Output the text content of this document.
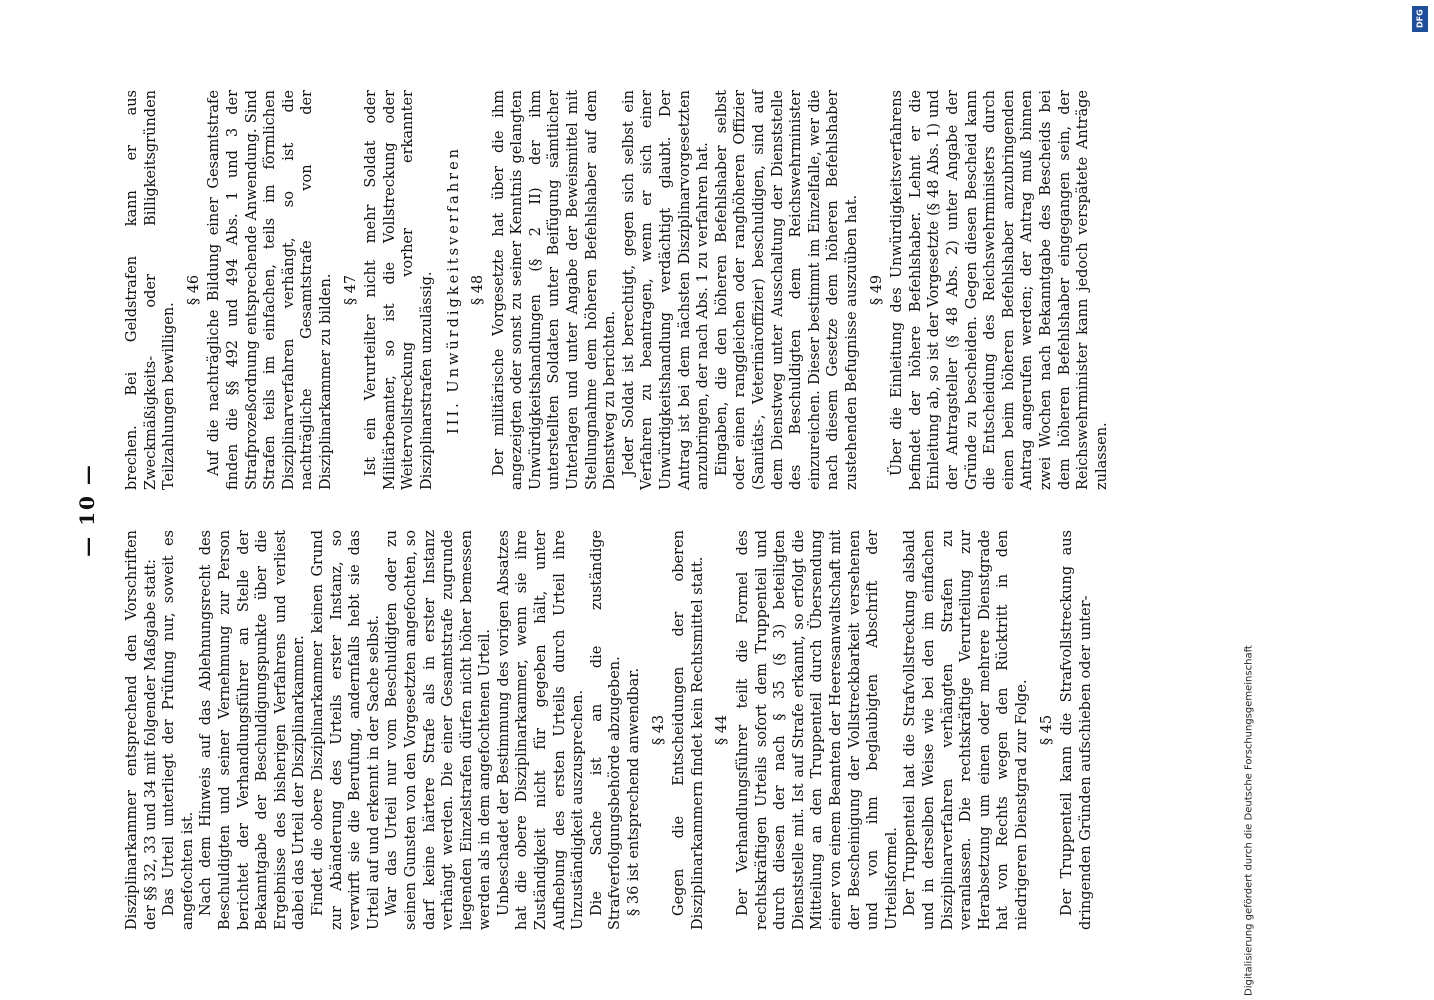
— 10 —

Disziplinarkammer entsprechend den Vorschriften der §§ 32, 33 und 34 mit folgender Maßgabe statt: Das Urteil unterliegt der Prüfung nur, soweit es angefochten ist. Nach dem Hinweis auf das Ablehnungsrecht des Beschuldigten und seiner Vernehmung zur Person berichtet der Verhandlungsführer an Stelle der Bekanntgabe der Beschuldigungspunkte über die Ergebnisse des bisherigen Verfahrens und verliest dabei das Urteil der Disziplinarkammer. Findet die obere Disziplinarkammer keinen Grund zur Abänderung des Urteils erster Instanz, so verwirft sie die Berufung, andernfalls hebt sie das Urteil auf und erkennt in der Sache selbst. War das Urteil nur vom Beschuldigten oder zu seinen Gunsten von den Vorgesetzten angefochten, so darf keine härtere Strafe als in erster Instanz verhängt werden. Die einer Gesamtstrafe zugrunde liegenden Einzelstrafen dürfen nicht höher bemessen werden als in dem angefochtenen Urteil. Unbeschadet der Bestimmung des vorigen Absatzes hat die obere Disziplinarkammer, wenn sie ihre Zuständigkeit nicht für gegeben hält, unter Aufhebung des ersten Urteils durch Urteil ihre Unzuständigkeit auszusprechen. Die Sache ist an die zuständige Strafverfolgungsbehörde abzugeben. § 36 ist entsprechend anwendbar. § 43 Gegen die Entscheidungen der oberen Disziplinarkammern findet kein Rechtsmittel statt. § 44 Der Verhandlungsführer teilt die Formel des rechtskräftigen Urteils sofort dem Truppenteil und durch diesen der nach § 35 (§ 3) beteiligten Dienststelle mit. Ist auf Strafe erkannt, so erfolgt die Mitteilung an den Truppenteil durch Übersendung einer von einem Beamten der Heeresanwaltschaft mit der Bescheinigung der Vollstreckbarkeit versehenen und von ihm beglaubigten Abschrift der Urteilsformel. Der Truppenteil hat die Strafvollstreckung alsbald und in derselben Weise wie bei den im einfachen Disziplinarverfahren verhängten Strafen zu veranlassen. Die rechtskräftige Verurteilung zur Herabsetzung um einen oder mehrere Dienstgrade hat von Rechts wegen den Rücktritt in den niedrigeren Dienstgrad zur Folge. § 45 Der Truppenteil kann die Strafvollstreckung aus dringenden Gründen aufschieben oder unter-

brechen. Bei Geldstrafen kann er aus Zweckmäßigkeits- oder Billigkeitsgründen Teilzahlungen bewilligen.

§ 46 Auf die nachträgliche Bildung einer Gesamtstrafe finden die §§ 492 und 494 Abs. 1 und 3 der Strafprozeßordnung entsprechende Anwendung. Sind Strafen teils im einfachen, teils im förmlichen Disziplinarverfahren verhängt, so ist die nachträgliche Gesamtstrafe von der Disziplinarkammer zu bilden. § 47 Ist ein Verurteilter nicht mehr Soldat oder Militärbeamter, so ist die Vollstreckung oder Weitervollstreckung vorher erkannter Disziplinarstrafen unzulässig. III. Unwürdigkeitsverfahren § 48 Der militärische Vorgesetzte hat über die ihm angezeigten oder sonst zu seiner Kenntnis gelangten Unwürdigkeitshandlungen (§ 2 II) der ihm unterstellten Soldaten unter Beifügung sämtlicher Unterlagen und unter Angabe der Beweismittel mit Stellungnahme dem höheren Befehlshaber auf dem Dienstweg zu berichten. Jeder Soldat ist berechtigt, gegen sich selbst ein Verfahren zu beantragen, wenn er sich einer Unwürdigkeitshandlung verdächtigt glaubt. Der Antrag ist bei dem nächsten Disziplinarvorgesetzten anzubringen, der nach Abs. 1 zu verfahren hat. Eingaben, die den höheren Befehlshaber selbst oder einen ranggleichen oder ranghöheren Offizier (Sanitäts-, Veterinäroffizier) beschuldigen, sind auf dem Dienstweg unter Ausschaltung der Dienststelle des Beschuldigten dem Reichswehrminister einzureichen. Dieser bestimmt im Einzelfalle, wer die nach diesem Gesetze dem höheren Befehlshaber zustehenden Befugnisse auszuüben hat. § 49 Über die Einleitung des Unwürdigkeitsverfahrens befindet der höhere Befehlshaber. Lehnt er die Einleitung ab, so ist der Vorgesetzte (§ 48 Abs. 1) und der Antragsteller (§ 48 Abs. 2) unter Angabe der Gründe zu bescheiden. Gegen diesen Bescheid kann die Entscheidung des Reichswehrministers durch einen beim höheren Befehlshaber anzubringenden Antrag angerufen werden; der Antrag muß binnen zwei Wochen nach Bekanntgabe des Bescheids bei dem höheren Befehlshaber eingegangen sein, der Reichswehrminister kann jedoch verspätete Anträge zulassen.

Digitalisierung gefördert durch die Deutsche Forschungsgemeinschaft
DFG
